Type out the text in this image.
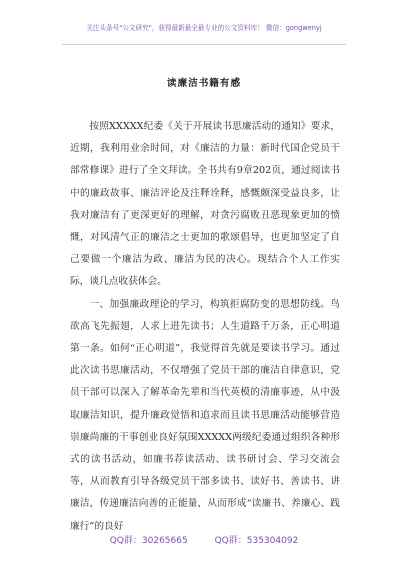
关注头条号"公文研究"，获得最新最全最专业的公文资料库！ 微信：gongwenyj
读廉洁书籍有感

按照XXXXX纪委《关于开展读书思廉活动的通知》要求，近期，我利用业余时间，对《廉洁的力量：新时代国企党员干部常修课》进行了全文拜读。全书共有9章202页，通过阅读书中的廉政故事、廉洁评论及注释诠释，感慨颇深受益良多，让我对廉洁有了更深更好的理解，对贪污腐败丑恶现象更加的愤慨，对风清气正的廉洁之士更加的歌颂倡导，也更加坚定了自己要做一个廉洁为政、廉洁为民的决心。现结合个人工作实际，谈几点收获体会。

一、加强廉政理论的学习，构筑拒腐防变的思想防线。鸟欲高飞先振翅，人求上进先读书；人生道路千万条，正心明道第一条。如何“正心明道”，我觉得首先就是要读书学习。通过此次读书思廉活动，不仅增强了党员干部的廉洁自律意识，党员干部可以深入了解革命先辈和当代英模的清廉事迹，从中汲取廉洁知识，提升廉政觉悟和追求而且读书思廉活动能够营造崇廉尚廉的干事创业良好氛围XXXXX两级纪委通过组织各种形式的读书活动，如廉书荐读活动、读书研讨会、学习交流会等，从而教育引导各级党员干部多读书、读好书、善读书、讲廉洁，传递廉洁向善的正能量，从而形成“读廉书、养廉心、践廉行”的良好

QQ群：30265665	QQ群：535304092
